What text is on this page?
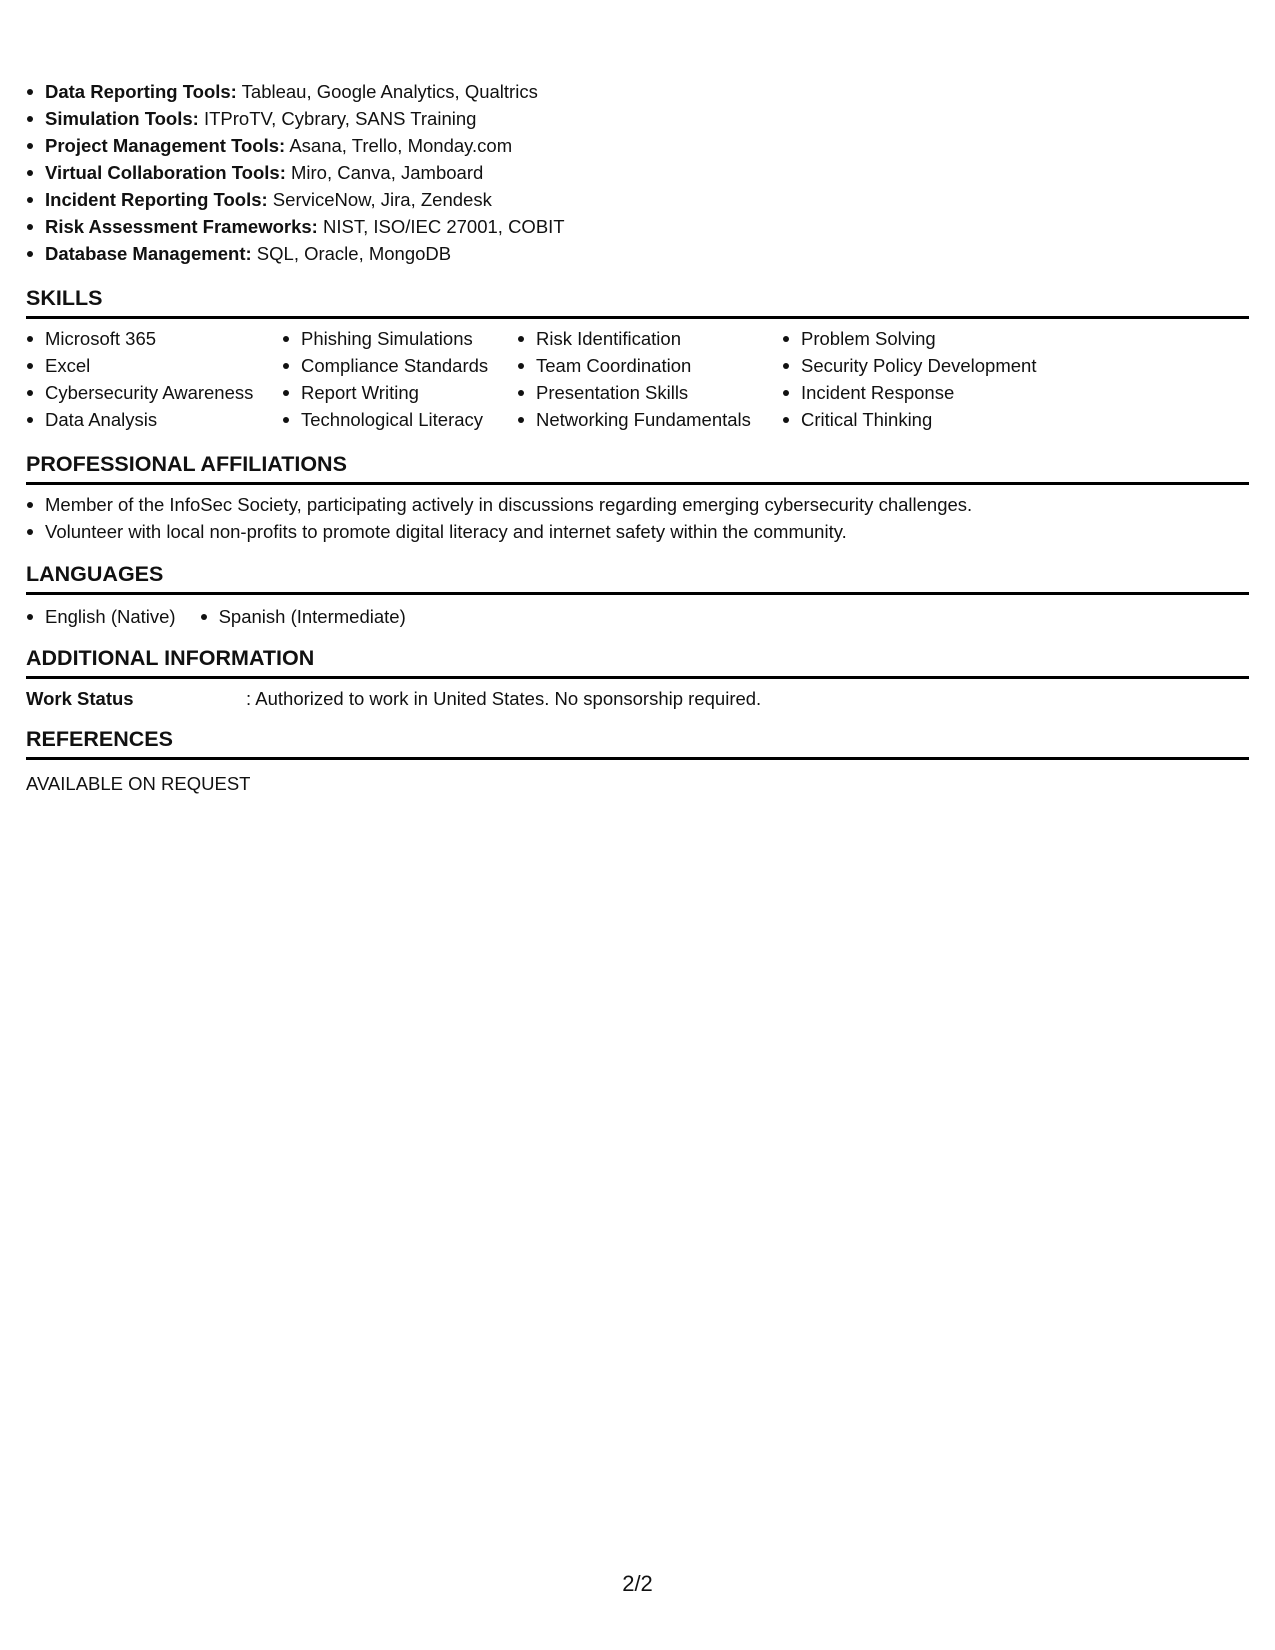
Data Reporting Tools: Tableau, Google Analytics, Qualtrics
Simulation Tools: ITProTV, Cybrary, SANS Training
Project Management Tools: Asana, Trello, Monday.com
Virtual Collaboration Tools: Miro, Canva, Jamboard
Incident Reporting Tools: ServiceNow, Jira, Zendesk
Risk Assessment Frameworks: NIST, ISO/IEC 27001, COBIT
Database Management: SQL, Oracle, MongoDB
SKILLS
Microsoft 365
Excel
Cybersecurity Awareness
Data Analysis
Phishing Simulations
Compliance Standards
Report Writing
Technological Literacy
Risk Identification
Team Coordination
Presentation Skills
Networking Fundamentals
Problem Solving
Security Policy Development
Incident Response
Critical Thinking
PROFESSIONAL AFFILIATIONS
Member of the InfoSec Society, participating actively in discussions regarding emerging cybersecurity challenges.
Volunteer with local non-profits to promote digital literacy and internet safety within the community.
LANGUAGES
English (Native)	Spanish (Intermediate)
ADDITIONAL INFORMATION
Work Status	: Authorized to work in United States. No sponsorship required.
REFERENCES
AVAILABLE ON REQUEST
2/2
